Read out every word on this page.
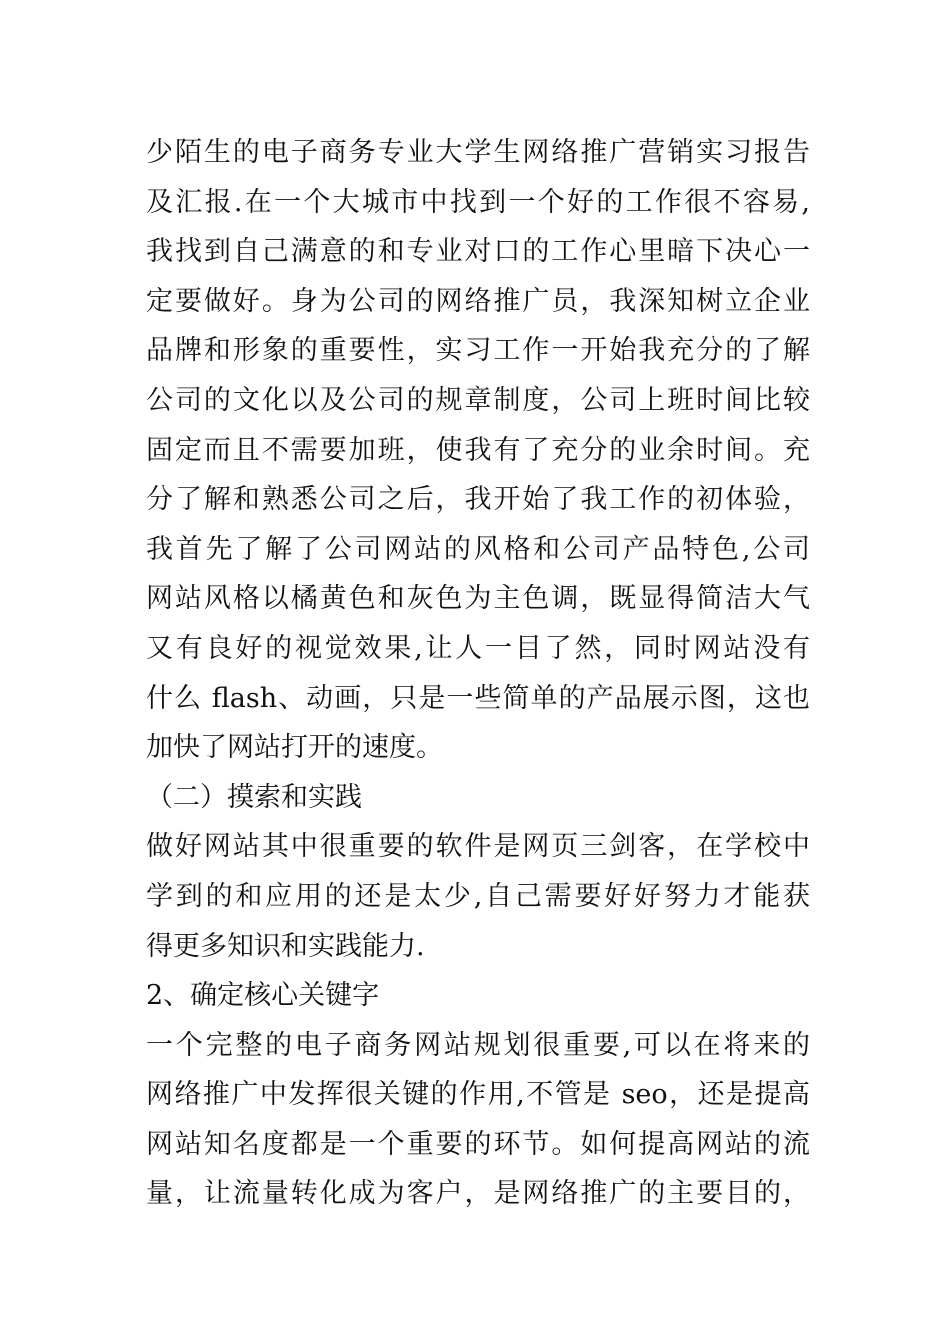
少陌生的电子商务专业大学生网络推广营销实习报告
及汇报.在一个大城市中找到一个好的工作很不容易,
我找到自己满意的和专业对口的工作心里暗下决心一
定要做好。身为公司的网络推广员，我深知树立企业
品牌和形象的重要性，实习工作一开始我充分的了解
公司的文化以及公司的规章制度，公司上班时间比较
固定而且不需要加班，使我有了充分的业余时间。充
分了解和熟悉公司之后，我开始了我工作的初体验，
我首先了解了公司网站的风格和公司产品特色,公司
网站风格以橘黄色和灰色为主色调，既显得简洁大气
又有良好的视觉效果,让人一目了然，同时网站没有
什么 flash、动画，只是一些简单的产品展示图，这也
加快了网站打开的速度。
（二）摸索和实践
做好网站其中很重要的软件是网页三剑客，在学校中
学到的和应用的还是太少,自己需要好好努力才能获
得更多知识和实践能力.
2、确定核心关键字
一个完整的电子商务网站规划很重要,可以在将来的
网络推广中发挥很关键的作用,不管是 seo，还是提高
网站知名度都是一个重要的环节。如何提高网站的流
量，让流量转化成为客户，是网络推广的主要目的，
